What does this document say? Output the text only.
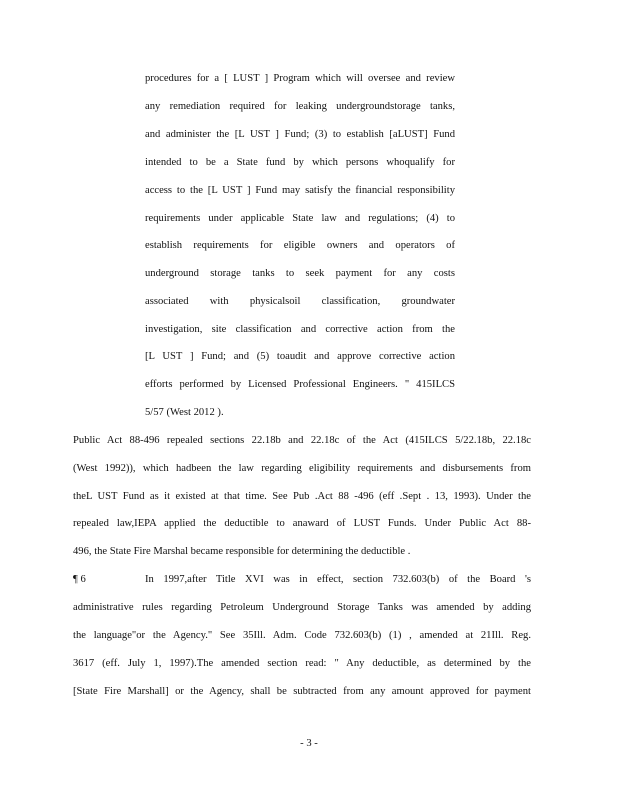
procedures for a [ LUST ] Program which will oversee and review
any remediation required for leaking undergroundstorage tanks,
and administer the [L UST ] Fund; (3) to establish [aLUST] Fund
intended to be a State fund by which persons whoqualify for
access to the [L UST ] Fund may satisfy the financial responsibility
requirements under applicable State law and regulations; (4) to
establish requirements for eligible owners and operators of
underground storage tanks to seek payment for any costs
associated with physicalsoil classification, groundwater
investigation, site classification and corrective action from the
[L UST ] Fund; and (5) toaudit and approve corrective action
efforts performed by Licensed Professional Engineers. " 415ILCS
5/57 (West 2012 ).
Public Act 88-496 repealed sections 22.18b and 22.18c of the Act (415ILCS 5/22.18b, 22.18c
(West 1992)), which hadbeen the law regarding eligibility requirements and disbursements from
theL UST Fund as it existed at that time. See Pub .Act 88 -496 (eff .Sept . 13, 1993). Under the
repealed law,IEPA applied the deductible to anaward of LUST Funds. Under Public Act 88-
496, the State Fire Marshal became responsible for determining the deductible .
¶ 6	In 1997,after Title XVI was in effect, section 732.603(b) of the Board 's
administrative rules regarding Petroleum Underground Storage Tanks was amended by adding
the language"or the Agency." See 35Ill. Adm. Code 732.603(b) (1) , amended at 21Ill. Reg.
3617 (eff. July 1, 1997).The amended section read: " Any deductible, as determined by the
[State Fire Marshall] or the Agency, shall be subtracted from any amount approved for payment
- 3 -
